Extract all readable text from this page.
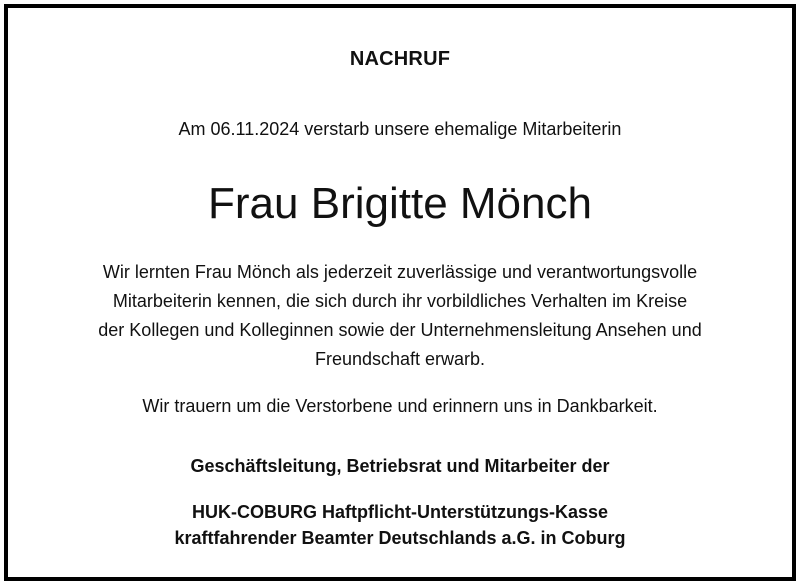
NACHRUF
Am 06.11.2024 verstarb unsere ehemalige Mitarbeiterin
Frau Brigitte Mönch
Wir lernten Frau Mönch als jederzeit zuverlässige und verantwortungsvolle
Mitarbeiterin kennen, die sich durch ihr vorbildliches Verhalten im Kreise
der Kollegen und Kolleginnen sowie der Unternehmensleitung Ansehen und
Freundschaft erwarb.
Wir trauern um die Verstorbene und erinnern uns in Dankbarkeit.
Geschäftsleitung, Betriebsrat und Mitarbeiter der
HUK-COBURG Haftpflicht-Unterstützungs-Kasse
kraftfahrender Beamter Deutschlands a.G. in Coburg
